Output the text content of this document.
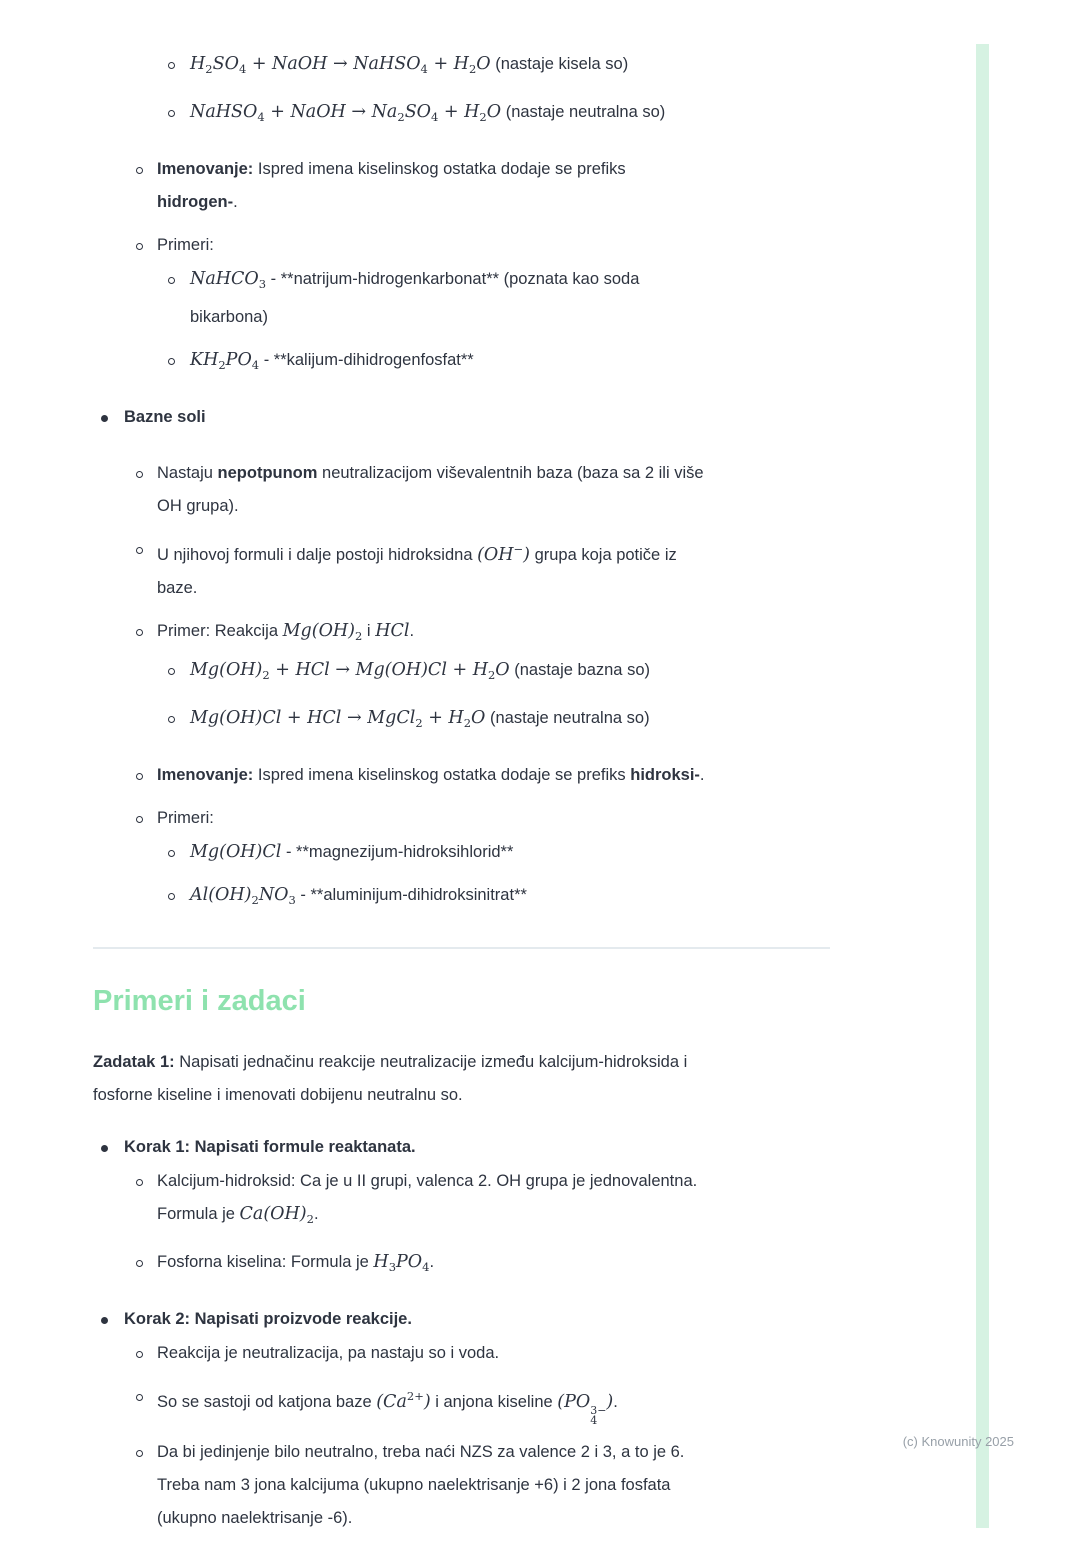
$H_2SO_4$ + NaOH → NaHSO$_4$ + $H_2O$ (nastaje kisela so)
NaHSO$_4$ + NaOH → $Na_2SO_4 + H_2O$ (nastaje neutralna so)
Imenovanje: Ispred imena kiselinskog ostatka dodaje se prefiks
hidrogen-.
Primeri:
NaHCO$_3$ - **natrijum-hidrogenkarbonat** (poznata kao soda
bikarbona)
$KH_2PO_4$ - **kalijum-dihidrogenfosfat**
Bazne soli
Nastaju nepotpunom neutralizacijom viševalentnih baza (baza sa 2 ili više
OH grupa).
U njihovoj formuli i dalje postoji hidroksidna (OH−) grupa koja potiče iz
baze.
Primer: Reakcija $Mg(OH)_2$ i HCl.
$Mg(OH)_2$ + HCl → $Mg(OH)Cl + H_2O$ (nastaje bazna so)
Mg(OH)Cl + HCl → MgCl$_2$ + $H_2O$ (nastaje neutralna so)
Imenovanje: Ispred imena kiselinskog ostatka dodaje se prefiks hidroksi-.
Primeri:
Mg(OH)Cl - **magnezijum-hidroksihlorid**
$Al(OH)_2NO_3$ - **aluminijum-dihidroksinitrat**
Primeri i zadaci

Zadatak 1: Napisati jednačinu reakcije neutralizacije između kalcijum-hidroksida i
fosforne kiseline i imenovati dobijenu neutralnu so.

Korak 1: Napisati formule reaktanata.
Kalcijum-hidroksid: Ca je u II grupi, valenca 2. OH grupa je jednovalentna.
Formula je $Ca(OH)_2$.
Fosforna kiselina: Formula je $H_3PO_4$.
Korak 2: Napisati proizvode reakcije.
Reakcija je neutralizacija, pa nastaju so i voda.
So se sastoji od katjona baze $(Ca^{2+})$ i anjona kiseline (PO 3−
4
).
Da bi jedinjenje bilo neutralno, treba naći NZS za valence 2 i 3, a to je 6.
Treba nam 3 jona kalcijuma (ukupno naelektrisanje +6) i 2 jona fosfata
(ukupno naelektrisanje -6).
(c) Knowunity 2025
